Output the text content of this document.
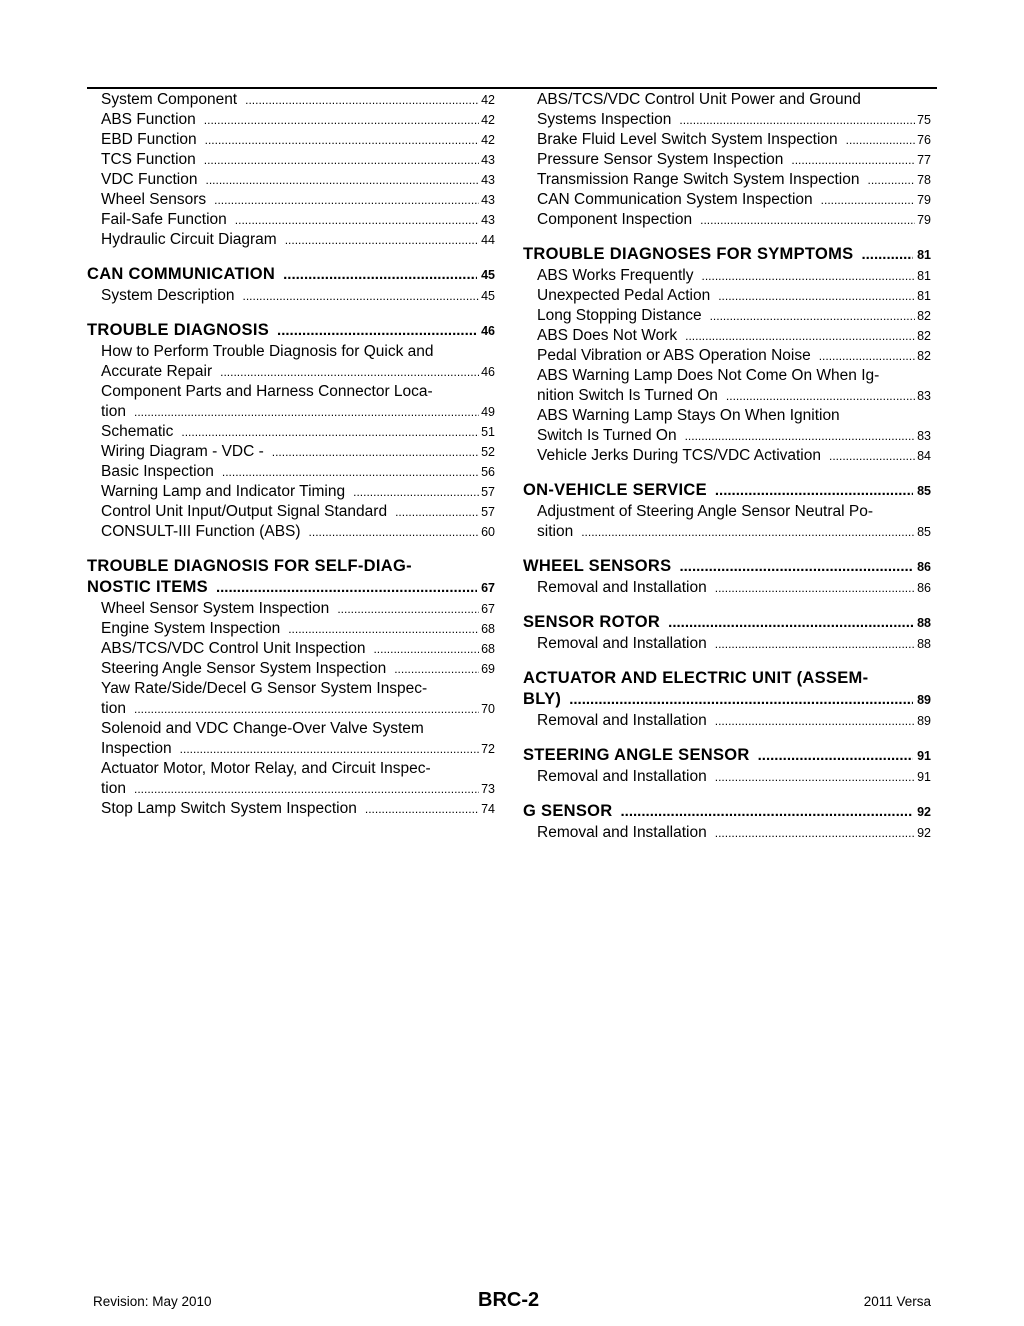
System Component .....	42
ABS Function .....	42
EBD Function .....	42
TCS Function .....	43
VDC Function .....	43
Wheel Sensors .....	43
Fail-Safe Function .....	43
Hydraulic Circuit Diagram .....	44
CAN COMMUNICATION .....	45
System Description .....	45
TROUBLE DIAGNOSIS .....	46
How to Perform Trouble Diagnosis for Quick and
Accurate Repair .....	46
Component Parts and Harness Connector Loca-
tion .....	49
Schematic .....	51
Wiring Diagram - VDC - .....	52
Basic Inspection .....	56
Warning Lamp and Indicator Timing .....	57
Control Unit Input/Output Signal Standard .....	57
CONSULT-III Function (ABS) .....	60
TROUBLE DIAGNOSIS FOR SELF-DIAG-
NOSTIC ITEMS .....	67
Wheel Sensor System Inspection .....	67
Engine System Inspection .....	68
ABS/TCS/VDC Control Unit Inspection .....	68
Steering Angle Sensor System Inspection .....	69
Yaw Rate/Side/Decel G Sensor System Inspec-
tion .....	70
Solenoid and VDC Change-Over Valve System
Inspection .....	72
Actuator Motor, Motor Relay, and Circuit Inspec-
tion .....	73
Stop Lamp Switch System Inspection .....	74
ABS/TCS/VDC Control Unit Power and Ground
Systems Inspection .....	75
Brake Fluid Level Switch System Inspection .....	76
Pressure Sensor System Inspection .....	77
Transmission Range Switch System Inspection .....	78
CAN Communication System Inspection .....	79
Component Inspection .....	79
TROUBLE DIAGNOSES FOR SYMPTOMS .....	81
ABS Works Frequently .....	81
Unexpected Pedal Action .....	81
Long Stopping Distance .....	82
ABS Does Not Work .....	82
Pedal Vibration or ABS Operation Noise .....	82
ABS Warning Lamp Does Not Come On When Ig-
nition Switch Is Turned On .....	83
ABS Warning Lamp Stays On When Ignition
Switch Is Turned On .....	83
Vehicle Jerks During TCS/VDC Activation .....	84
ON-VEHICLE SERVICE .....	85
Adjustment of Steering Angle Sensor Neutral Po-
sition .....	85
WHEEL SENSORS .....	86
Removal and Installation .....	86
SENSOR ROTOR .....	88
Removal and Installation .....	88
ACTUATOR AND ELECTRIC UNIT (ASSEM-
BLY) .....	89
Removal and Installation .....	89
STEERING ANGLE SENSOR .....	91
Removal and Installation .....	91
G SENSOR .....	92
Removal and Installation .....	92
Revision: May 2010	BRC-2	2011 Versa
